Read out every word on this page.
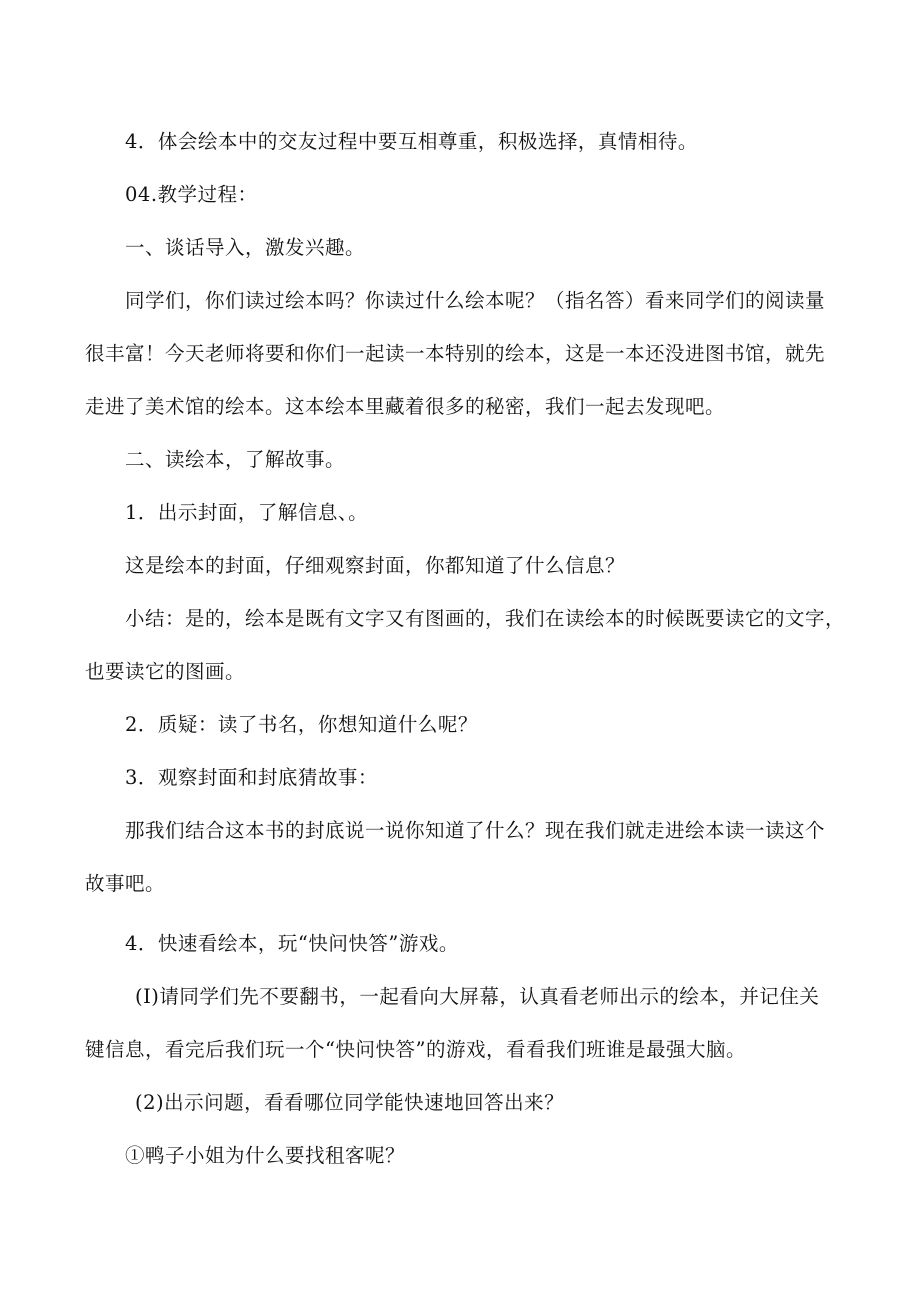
4．体会绘本中的交友过程中要互相尊重，积极选择，真情相待。
04.教学过程：
一、谈话导入，激发兴趣。
同学们，你们读过绘本吗？你读过什么绘本呢？（指名答）看来同学们的阅读量
很丰富！今天老师将要和你们一起读一本特别的绘本，这是一本还没进图书馆，就先
走进了美术馆的绘本。这本绘本里藏着很多的秘密，我们一起去发现吧。
二、读绘本，了解故事。
1．出示封面，了解信息、。
这是绘本的封面，仔细观察封面，你都知道了什么信息？
小结：是的，绘本是既有文字又有图画的，我们在读绘本的时候既要读它的文字，
也要读它的图画。
2．质疑：读了书名，你想知道什么呢？
3．观察封面和封底猜故事：
那我们结合这本书的封底说一说你知道了什么？现在我们就走进绘本读一读这个
故事吧。
4．快速看绘本，玩“快问快答”游戏。
(I)请同学们先不要翻书，一起看向大屏幕，认真看老师出示的绘本，并记住关
键信息，看完后我们玩一个“快问快答”的游戏，看看我们班谁是最强大脑。
(2)出示问题，看看哪位同学能快速地回答出来？
①鸭子小姐为什么要找租客呢？
